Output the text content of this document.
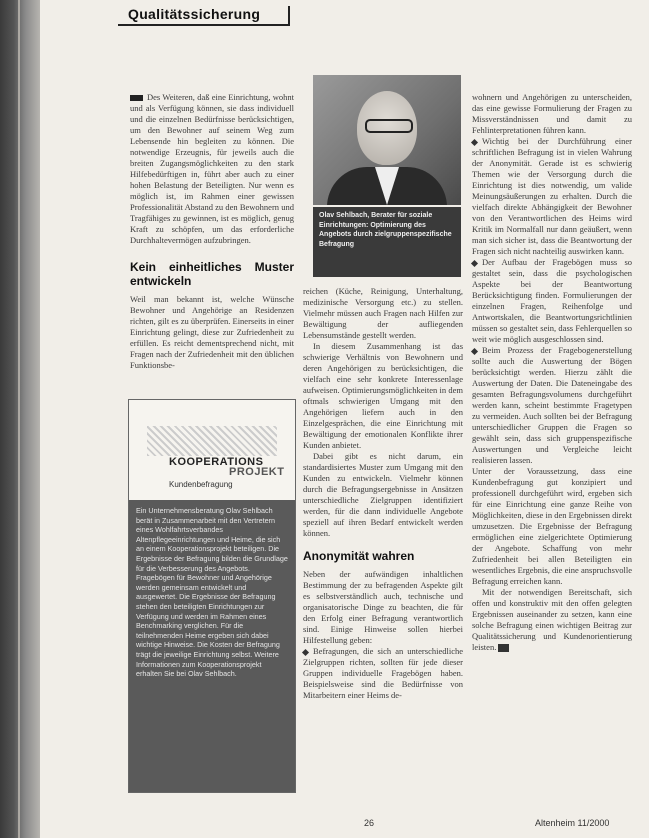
Qualitätssicherung

Des Weiteren, daß eine Einrichtung, wohnt und als Verfügung können, sie dass individuell und die einzelnen Bedürfnisse berücksichtigen, um den Bewohner auf seinem Weg zum Lebensende hin begleiten zu können. Die notwendige Erzeugnis, für jeweils auch die breiten Zugangsmöglichkeiten zu den stark Hilfebedürftigen in, führt aber auch zu einer hohen Belastung der Beteiligten. Nur wenn es möglich ist, im Rahmen einer gewissen Professionalität Abstand zu den Bewohnern und Tragfähiges zu gewinnen, ist es möglich, genug Kraft zu schöpfen, um das erforderliche Durchhaltevermögen aufzubringen.

Kein einheitliches Muster entwickeln

Weil man bekannt ist, welche Wünsche Bewohner und Angehörige an Residenzen richten, gilt es zu überprüfen. Einerseits in einer Einrichtung gelingt, diese zur Zufriedenheit zu erfüllen. Es reicht dementsprechend nicht, mit Fragen nach der Zufriedenheit mit den üblichen Funktionsbe-

KOOPERATIONS
PROJEKT
Kundenbefragung
Ein Unternehmensberatung Olav Sehlbach berät in Zusammenarbeit mit den Vertretern eines Wohlfahrtsverbandes Altenpflegeeinrichtungen und Heime, die sich an einem Kooperationsprojekt beteiligen. Die Ergebnisse der Befragung bilden die Grundlage für die Verbesserung des Angebots. Fragebögen für Bewohner und Angehörige werden gemeinsam entwickelt und ausgewertet. Die Ergebnisse der Befragung stehen den beteiligten Einrichtungen zur Verfügung und werden im Rahmen eines Benchmarking verglichen. Für die teilnehmenden Heime ergeben sich dabei wichtige Hinweise. Die Kosten der Befragung trägt die jeweilige Einrichtung selbst. Weitere Informationen zum Kooperationsprojekt erhalten Sie bei Olav Sehlbach.
Olav Sehlbach, Berater für soziale Einrichtungen: Optimierung des Angebots durch zielgruppenspezifische Befragung

reichen (Küche, Reinigung, Unterhaltung, medizinische Versorgung etc.) zu stellen. Vielmehr müssen auch Fragen nach Hilfen zur Bewältigung der aufliegenden Lebensumstände gestellt werden.

In diesem Zusammenhang ist das schwierige Verhältnis von Bewohnern und deren Angehörigen zu berücksichtigen, die vielfach eine sehr konkrete Interessenlage aufweisen. Optimierungsmöglichkeiten in dem oftmals schwierigen Umgang mit den Angehörigen liefern auch in den Einzelgesprächen, die eine Einrichtung mit Bewältigung der emotionalen Konflikte ihrer Kunden anbietet.

Dabei gibt es nicht darum, ein standardisiertes Muster zum Umgang mit den Kunden zu entwickeln. Vielmehr können durch die Befragungsergebnisse in Ansätzen unterschiedliche Zielgruppen identifiziert werden, für die dann individuelle Angebote speziell auf ihren Bedarf entwickelt werden können.

Anonymität wahren

Neben der aufwändigen inhaltlichen Bestimmung der zu befragenden Aspekte gilt es selbstverständlich auch, technische und organisatorische Dinge zu beachten, die für den Erfolg einer Befragung verantwortlich sind. Einige Hinweise sollen hierbei Hilfestellung geben:

Befragungen, die sich an unterschiedliche Zielgruppen richten, sollten für jede dieser Gruppen individuelle Fragebögen haben. Beispielsweise sind die Bedürfnisse von Mitarbeitern einer Heims de-

wohnern und Angehörigen zu unterscheiden, das eine gewisse Formulierung der Fragen zu Missverständnissen und damit zu Fehlinterpretationen führen kann.

Wichtig bei der Durchführung einer schriftlichen Befragung ist in vielen Wahrung der Anonymität. Gerade ist es schwierig Themen wie der Versorgung durch die Einrichtung ist dies notwendig, um valide Meinungsäußerungen zu erhalten. Durch die vielfach direkte Abhängigkeit der Bewohner von den Verantwortlichen des Heims wird Kritik im Normalfall nur dann geäußert, wenn man sich sicher ist, dass die Beantwortung der Fragen sich nicht nachteilig auswirken kann.

Der Aufbau der Fragebögen muss so gestaltet sein, dass die psychologischen Aspekte bei der Beantwortung Berücksichtigung finden. Formulierungen der einzelnen Fragen, Reihenfolge und Antwortskalen, die Beantwortungsrichtlinien müssen so gestaltet sein, dass Fehlerquellen so weit wie möglich ausgeschlossen sind.

Beim Prozess der Fragebogenerstellung sollte auch die Auswertung der Bögen berücksichtigt werden. Hierzu zählt die Auswertung der Daten. Die Dateneingabe des gesamten Befragungsvolumens durchgeführt werden kann, scheint bestimmte Fragetypen zu vermeiden. Auch sollten bei der Befragung unterschiedlicher Gruppen die Fragen so gewählt sein, dass sich gruppenspezifische Auswertungen und Vergleiche leicht realisieren lassen.

Unter der Voraussetzung, dass eine Kundenbefragung gut konzipiert und professionell durchgeführt wird, ergeben sich für eine Einrichtung eine ganze Reihe von Möglichkeiten, diese in den Ergebnissen direkt umzusetzen. Die Ergebnisse der Befragung ermöglichen eine zielgerichtete Optimierung der Angebote. Schaffung von mehr Zufriedenheit bei allen Beteiligten ein wesentliches Ergebnis, die eine anspruchsvolle Befragung erreichen kann.

Mit der notwendigen Bereitschaft, sich offen und konstruktiv mit den offen gelegten Ergebnissen auseinander zu setzen, kann eine solche Befragung einen wichtigen Beitrag zur Qualitätssicherung und Kundenorientierung leisten.

26	Altenheim 11/2000
